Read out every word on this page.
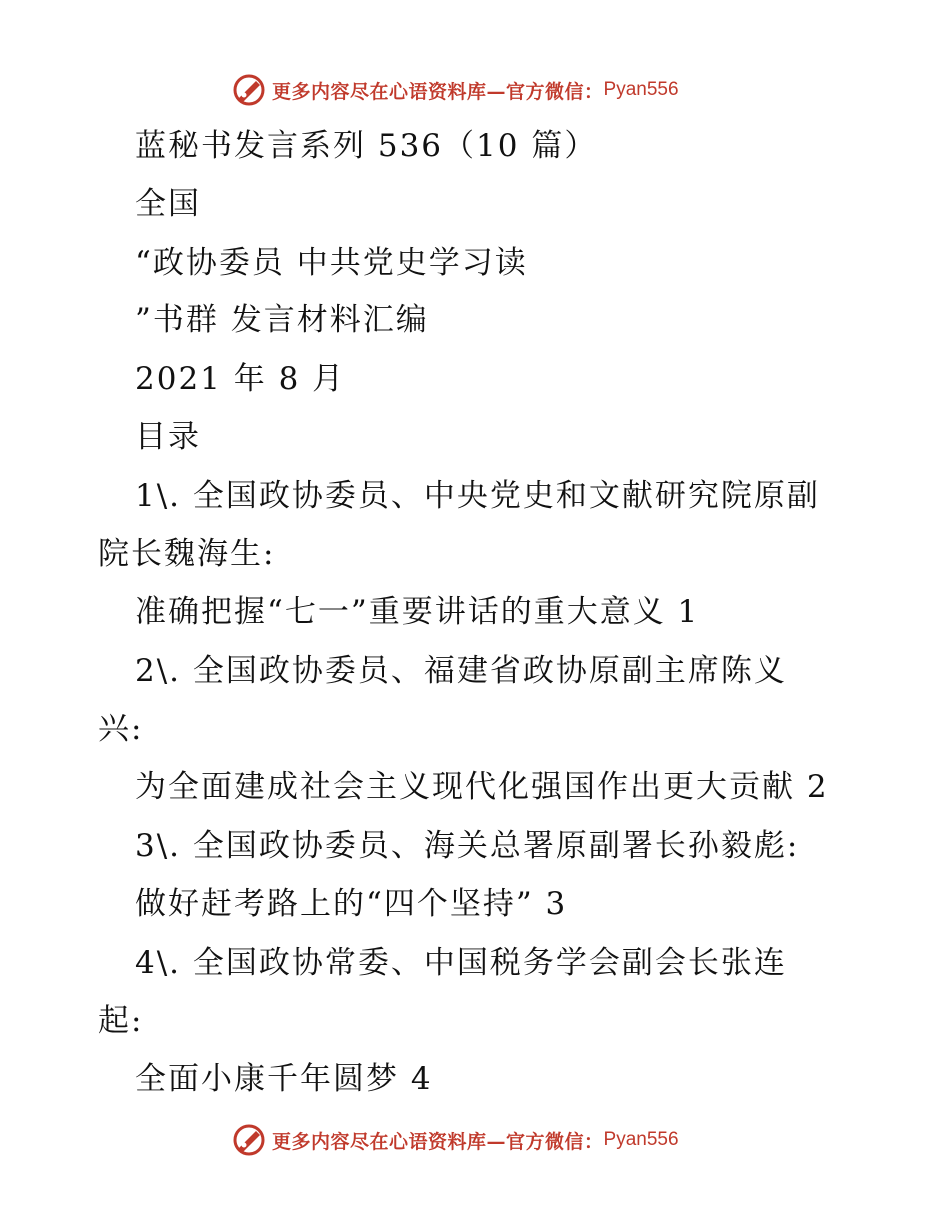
更多内容尽在心语资料库—官方微信： Pyan556
蓝秘书发言系列 536（10 篇）
全国
“政协委员 中共党史学习读
”书群 发言材料汇编
2021 年 8 月
目录
1\. 全国政协委员、中央党史和文献研究院原副
院长魏海生:
准确把握“七一”重要讲话的重大意义 1
2\. 全国政协委员、福建省政协原副主席陈义
兴:
为全面建成社会主义现代化强国作出更大贡献 2
3\. 全国政协委员、海关总署原副署长孙毅彪:
做好赶考路上的“四个坚持” 3
4\. 全国政协常委、中国税务学会副会长张连
起:
全面小康千年圆梦 4
更多内容尽在心语资料库—官方微信： Pyan556
